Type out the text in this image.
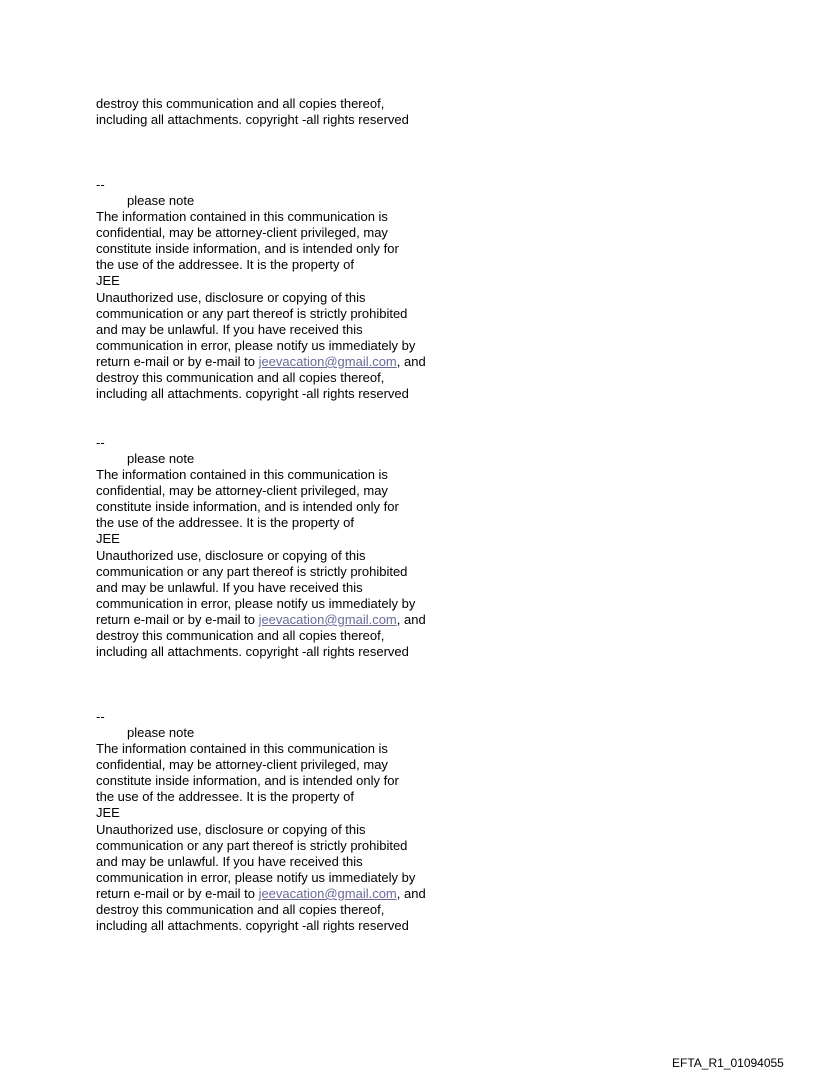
destroy this communication and all copies thereof,
including all attachments. copyright -all rights reserved
--
please note
The information contained in this communication is
confidential, may be attorney-client privileged, may
constitute inside information, and is intended only for
the use of the addressee. It is the property of
JEE
Unauthorized use, disclosure or copying of this
communication or any part thereof is strictly prohibited
and may be unlawful. If you have received this
communication in error, please notify us immediately by
return e-mail or by e-mail to jeevacation@gmail.com, and
destroy this communication and all copies thereof,
including all attachments. copyright -all rights reserved
--
please note
The information contained in this communication is
confidential, may be attorney-client privileged, may
constitute inside information, and is intended only for
the use of the addressee. It is the property of
JEE
Unauthorized use, disclosure or copying of this
communication or any part thereof is strictly prohibited
and may be unlawful. If you have received this
communication in error, please notify us immediately by
return e-mail or by e-mail to jeevacation@gmail.com, and
destroy this communication and all copies thereof,
including all attachments. copyright -all rights reserved
--
please note
The information contained in this communication is
confidential, may be attorney-client privileged, may
constitute inside information, and is intended only for
the use of the addressee. It is the property of
JEE
Unauthorized use, disclosure or copying of this
communication or any part thereof is strictly prohibited
and may be unlawful. If you have received this
communication in error, please notify us immediately by
return e-mail or by e-mail to jeevacation@gmail.com, and
destroy this communication and all copies thereof,
including all attachments. copyright -all rights reserved
EFTA_R1_01094055
